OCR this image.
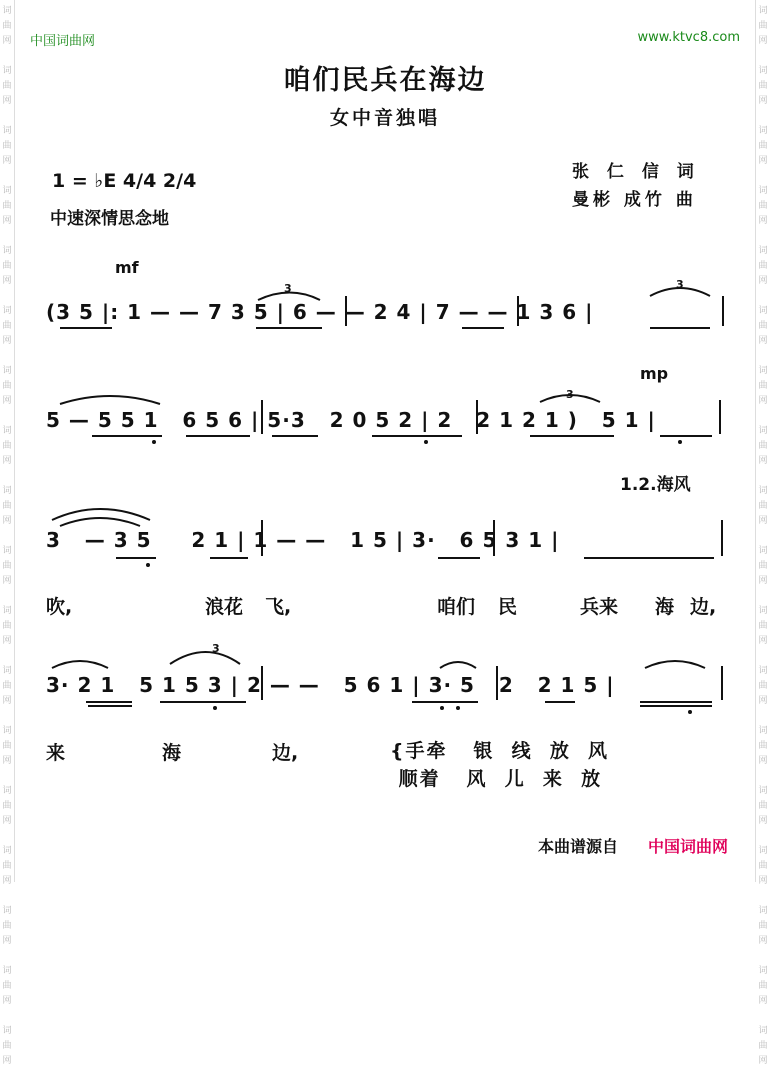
词
曲
网
词
曲
网
词
曲
网
词
曲
网
词
曲
网
词
曲
网
词
曲
网
词
曲
网
词
曲
网
词
曲
网
词
曲
网
词
曲
网
词
曲
网
词
曲
网
词
曲
网
词
曲
网
词
曲
网
词
曲
网
词
曲
网
词
曲
网
词
曲
网
词
曲
网
词
曲
网
词
曲
网
词
曲
网
词
曲
网
词
曲
网
词
曲
网
词
曲
网
词
曲
网
词
曲
网
词
曲
网
词
曲
网
词
曲
网
词
曲
网
词
曲
网
中国词曲网	www.ktvc8.com
咱们民兵在海边
女中音独唱
1 = ♭E 4/4 2/4
中速深情思念地
张 仁 信 词
曼彬 成竹 曲
mf
mp
(3 5 |: 1 — — 7 3 5 | 6 — — 2 4 | 7 — — 1 3 6 |
5 — 5 5 1   6 5 6 | 5·3   2 0 5 2 | 2   2 1 2 1 )   5 1 |
1.2.海风
3   — 3 5     2 1 | 1 — —   1 5 | 3·   6 5 3 1 |
吹,	浪花 飞,	咱们 民	兵来 海 边,
3· 2 1   5 1 5 3 | 2 — —   5 6 1 | 3· 5   2   2 1 5 |
来	海	边,	{手牵   银  线  放  风
顺着   风  儿  来  放
本曲谱源自 中国词曲网
3	3
3
3
